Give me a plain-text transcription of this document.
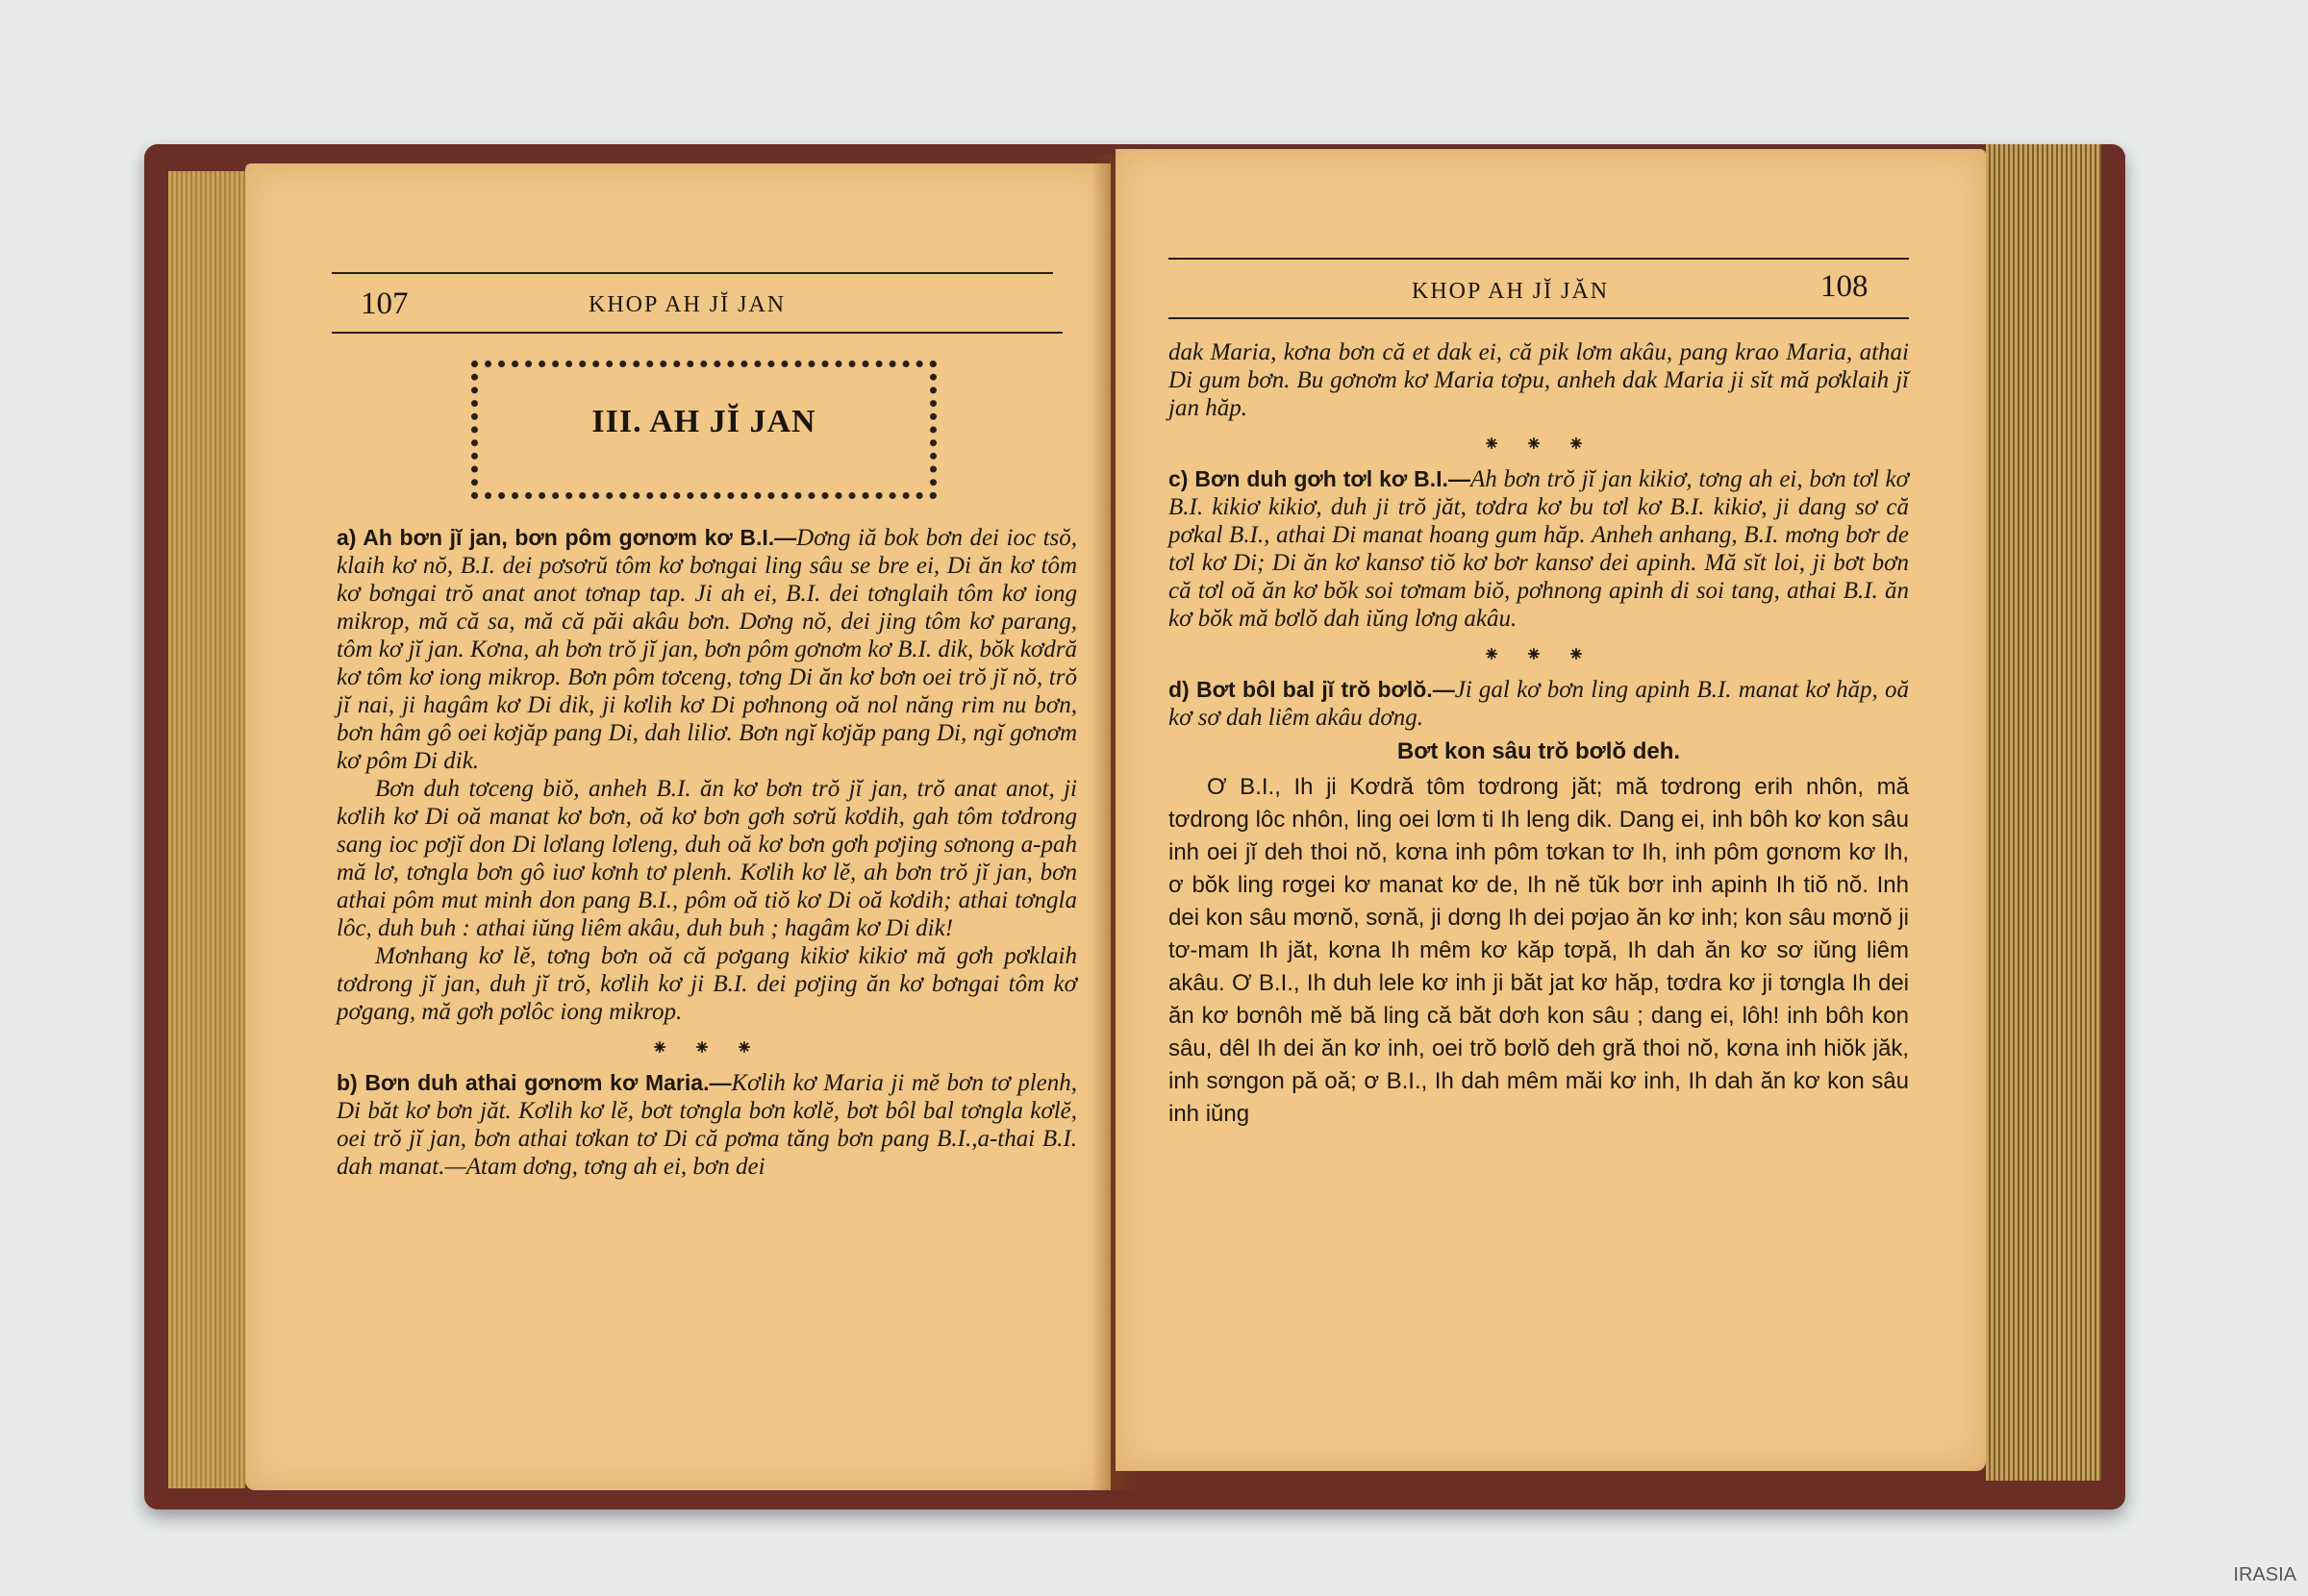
107	KHOP AH JĬ JAN
III. AH JĬ JAN

a) Ah bơn jĭ jan, bơn pôm gơnơm kơ B.I.—Dơng iă bok bơn dei ioc tsŏ, klaih kơ nŏ, B.I. dei pơsơrŭ tôm kơ bơngai ling sâu se bre ei, Di ăn kơ tôm kơ bơngai trŏ anat anot tơnap tap. Ji ah ei, B.I. dei tơnglaih tôm kơ iong mikrop, mă că sa, mă că păi akâu bơn. Dơng nŏ, dei jing tôm kơ parang, tôm kơ jĭ jan. Kơna, ah bơn trŏ jĭ jan, bơn pôm gơnơm kơ B.I. dik, bŏk kơdră kơ tôm kơ iong mikrop. Bơn pôm tơceng, tơng Di ăn kơ bơn oei trŏ jĭ nŏ, trŏ jĭ nai, ji hagâm kơ Di dik, ji kơlih kơ Di pơhnong oă nol năng rim nu bơn, bơn hâm gô oei kơjăp pang Di, dah liliơ. Bơn ngĭ kơjăp pang Di, ngĭ gơnơm kơ pôm Di dik.

Bơn duh tơceng biŏ, anheh B.I. ăn kơ bơn trŏ jĭ jan, trŏ anat anot, ji kơlih kơ Di oă manat kơ bơn, oă kơ bơn gơh sơrŭ kơdih, gah tôm tơdrong sang ioc pơjĭ don Di lơlang lơleng, duh oă kơ bơn gơh pơjing sơnong a-pah mă lơ, tơngla bơn gô iuơ kơnh tơ plenh. Kơlih kơ lĕ, ah bơn trŏ jĭ jan, bơn athai pôm mut minh don pang B.I., pôm oă tiŏ kơ Di oă kơdih; athai tơngla lôc, duh buh : athai iŭng liêm akâu, duh buh ; hagâm kơ Di dik!

Mơnhang kơ lĕ, tơng bơn oă că pơgang kikiơ kikiơ mă gơh pơklaih tơdrong jĭ jan, duh jĭ trŏ, kơlih kơ ji B.I. dei pơjing ăn kơ bơngai tôm kơ pơgang, mă gơh pơlôc iong mikrop.

⁕ ⁕ ⁕

b) Bơn duh athai gơnơm kơ Maria.—Kơlih kơ Maria ji mĕ bơn tơ plenh, Di băt kơ bơn jăt. Kơlih kơ lĕ, bơt tơngla bơn kơlĕ, bơt bôl bal tơngla kơlĕ, oei trŏ jĭ jan, bơn athai tơkan tơ Di că pơma tăng bơn pang B.I.,a-thai B.I. dah manat.—Atam dơng, tơng ah ei, bơn dei

KHOP AH JĬ JĂN	108

dak Maria, kơna bơn că et dak ei, că pik lơm akâu, pang krao Maria, athai Di gum bơn. Bu gơnơm kơ Maria tơpu, anheh dak Maria ji sĭt mă pơklaih jĭ jan hăp.

⁕ ⁕ ⁕

c) Bơn duh gơh tơl kơ B.I.—Ah bơn trŏ jĭ jan kikiơ, tơng ah ei, bơn tơl kơ B.I. kikiơ kikiơ, duh ji trŏ jăt, tơdra kơ bu tơl kơ B.I. kikiơ, ji dang sơ că pơkal B.I., athai Di manat hoang gum hăp. Anheh anhang, B.I. mơng bơr de tơl kơ Di; Di ăn kơ kansơ tiŏ kơ bơr kansơ dei apinh. Mă sĭt loi, ji bơt bơn că tơl oă ăn kơ bŏk soi tơmam biŏ, pơhnong apinh di soi tang, athai B.I. ăn kơ bŏk mă bơlŏ dah iŭng lơng akâu.

⁕ ⁕ ⁕

d) Bơt bôl bal jĭ trŏ bơlŏ.—Ji gal kơ bơn ling apinh B.I. manat kơ hăp, oă kơ sơ dah liêm akâu dơng.

Bơt kon sâu trŏ bơlŏ deh.

Ơ B.I., Ih ji Kơdră tôm tơdrong jăt; mă tơdrong erih nhôn, mă tơdrong lôc nhôn, ling oei lơm ti Ih leng dik. Dang ei, inh bôh kơ kon sâu inh oei jĭ deh thoi nŏ, kơna inh pôm tơkan tơ Ih, inh pôm gơnơm kơ Ih, ơ bŏk ling rơgei kơ manat kơ de, Ih nĕ tŭk bơr inh apinh Ih tiŏ nŏ. Inh dei kon sâu mơnŏ, sơnă, ji dơng Ih dei pơjao ăn kơ inh; kon sâu mơnŏ ji tơ-mam Ih jăt, kơna Ih mêm kơ kăp tơpă, Ih dah ăn kơ sơ iŭng liêm akâu. Ơ B.I., Ih duh lele kơ inh ji băt jat kơ hăp, tơdra kơ ji tơngla Ih dei ăn kơ bơnôh mĕ bă ling că băt dơh kon sâu ; dang ei, lôh! inh bôh kon sâu, dêl Ih dei ăn kơ inh, oei trŏ bơlŏ deh gră thoi nŏ, kơna inh hiŏk jăk, inh sơngon pă oă; ơ B.I., Ih dah mêm măi kơ inh, Ih dah ăn kơ kon sâu inh iŭng

IRASIA
